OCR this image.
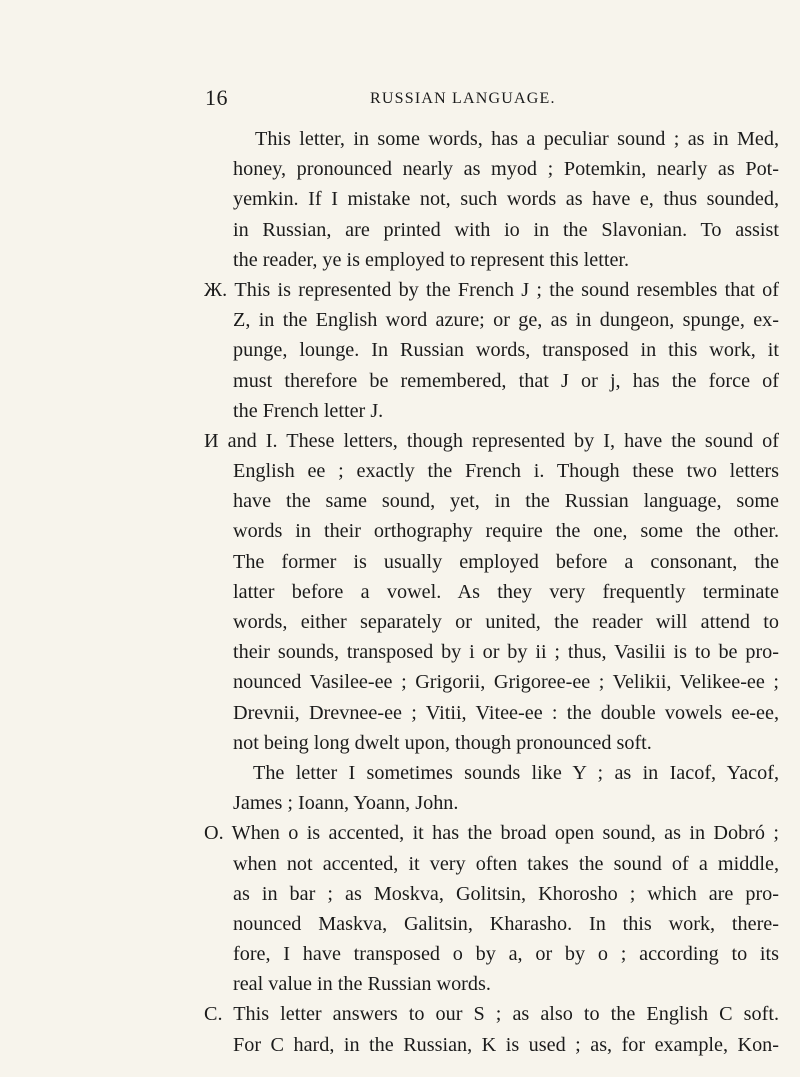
16	RUSSIAN LANGUAGE.
This letter, in some words, has a peculiar sound ; as in Med,
honey, pronounced nearly as myod ; Potemkin, nearly as Pot-
yemkin. If I mistake not, such words as have e, thus sounded,
in Russian, are printed with io in the Slavonian. To assist
the reader, ye is employed to represent this letter.
Ж. This is represented by the French J ; the sound resembles that of
Z, in the English word azure; or ge, as in dungeon, spunge, ex-
punge, lounge. In Russian words, transposed in this work, it
must therefore be remembered, that J or j, has the force of
the French letter J.
И and I. These letters, though represented by I, have the sound of
English ee ; exactly the French i. Though these two letters
have the same sound, yet, in the Russian language, some
words in their orthography require the one, some the other.
The former is usually employed before a consonant, the
latter before a vowel. As they very frequently terminate
words, either separately or united, the reader will attend to
their sounds, transposed by i or by ii ; thus, Vasilii is to be pro-
nounced Vasilee-ee ; Grigorii, Grigoree-ee ; Velikii, Velikee-ee ;
Drevnii, Drevnee-ee ; Vitii, Vitee-ee : the double vowels ee-ee,
not being long dwelt upon, though pronounced soft.
The letter I sometimes sounds like Y ; as in Iacof, Yacof,
James ; Ioann, Yoann, John.
O. When o is accented, it has the broad open sound, as in Dobró ;
when not accented, it very often takes the sound of a middle,
as in bar ; as Moskva, Golitsin, Khorosho ; which are pro-
nounced Maskva, Galitsin, Kharasho. In this work, there-
fore, I have transposed o by a, or by o ; according to its
real value in the Russian words.
C. This letter answers to our S ; as also to the English C soft.
For C hard, in the Russian, K is used ; as, for example, Kon-
